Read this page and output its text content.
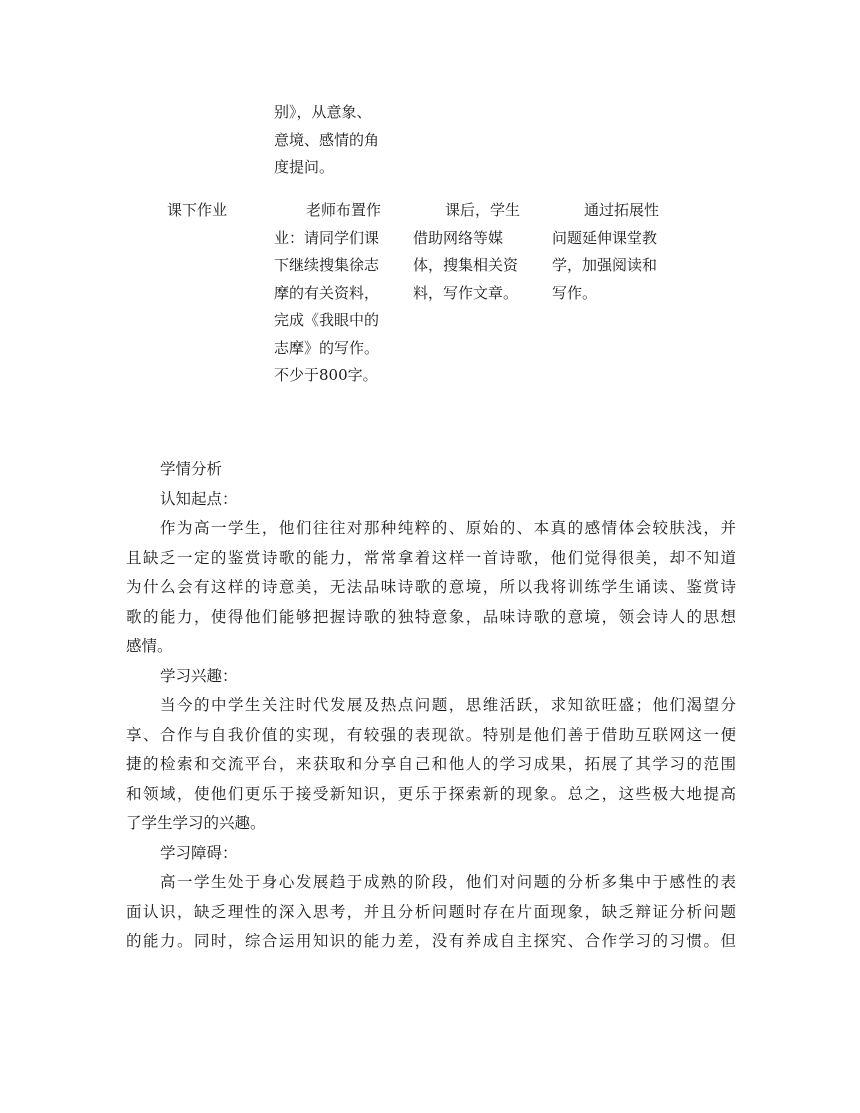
别》，从意象、
意境、感情的角
度提问。
课下作业	老师布置作
业：请同学们课
下继续搜集徐志
摩的有关资料，
完成《我眼中的
志摩》的写作。
不少于800字。
课后，学生
借助网络等媒
体，搜集相关资
料，写作文章。
通过拓展性
问题延伸课堂教
学，加强阅读和
写作。

学情分析

认知起点：

作为高一学生，他们往往对那种纯粹的、原始的、本真的感情体会较肤浅，并
且缺乏一定的鉴赏诗歌的能力，常常拿着这样一首诗歌，他们觉得很美，却不知道
为什么会有这样的诗意美，无法品味诗歌的意境，所以我将训练学生诵读、鉴赏诗
歌的能力，使得他们能够把握诗歌的独特意象，品味诗歌的意境，领会诗人的思想
感情。

学习兴趣：

当今的中学生关注时代发展及热点问题，思维活跃，求知欲旺盛；他们渴望分
享、合作与自我价值的实现，有较强的表现欲。特别是他们善于借助互联网这一便
捷的检索和交流平台，来获取和分享自己和他人的学习成果，拓展了其学习的范围
和领域，使他们更乐于接受新知识，更乐于探索新的现象。总之，这些极大地提高
了学生学习的兴趣。

学习障碍：

高一学生处于身心发展趋于成熟的阶段，他们对问题的分析多集中于感性的表
面认识，缺乏理性的深入思考，并且分析问题时存在片面现象，缺乏辩证分析问题
的能力。同时，综合运用知识的能力差，没有养成自主探究、合作学习的习惯。但
